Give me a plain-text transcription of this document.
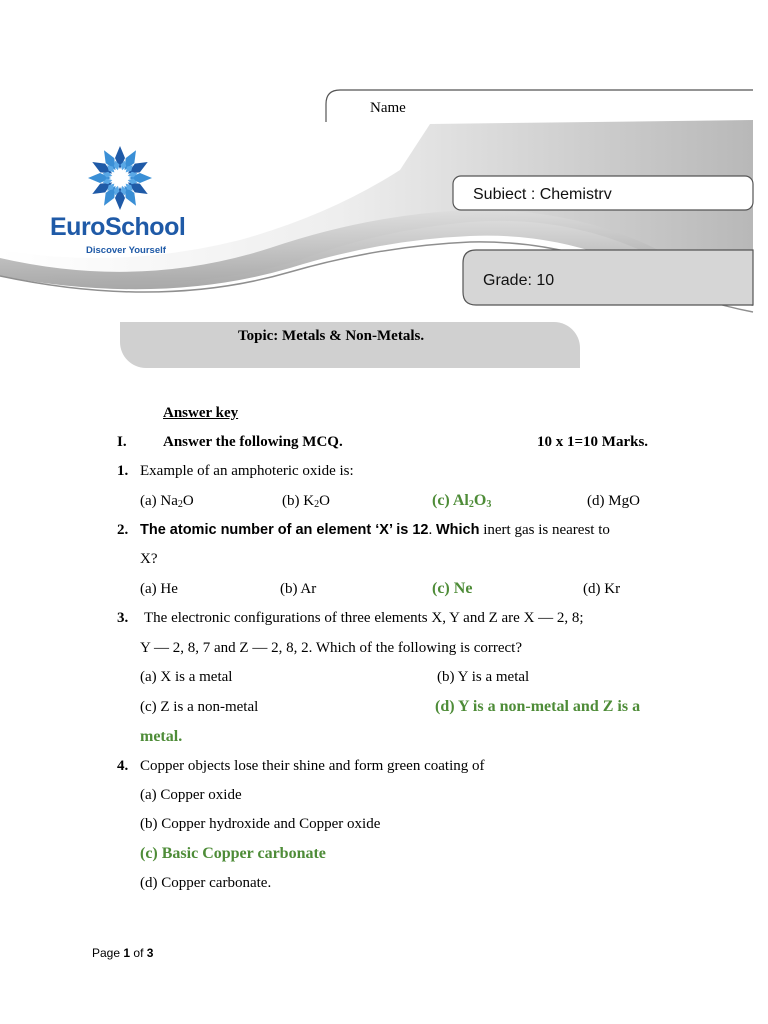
Name
Subiect : Chemistrv
Grade: 10
EuroSchool
Discover Yourself
Topic: Metals & Non-Metals.
Answer key
I. Answer the following MCQ.	10 x 1=10 Marks.
1. Example of an amphoteric oxide is:
(a) $Na_2O$	(b) $K_2O$	(c) $Al_2O_3$	(d) MgO
2. The atomic number of an element ‘X’ is 12. Which inert gas is nearest to
X?
(a) He	(b) Ar	(c) Ne	(d) Kr
3. The electronic configurations of three elements X, Y and Z are X — 2, 8;
Y — 2, 8, 7 and Z — 2, 8, 2. Which of the following is correct?
(a) X is a metal	(b) Y is a metal
(c) Z is a non-metal	(d) Y is a non-metal and Z is a
metal.
4. Copper objects lose their shine and form green coating of
(a) Copper oxide
(b) Copper hydroxide and Copper oxide
(c) Basic Copper carbonate
(d) Copper carbonate.
Page 1 of 3
